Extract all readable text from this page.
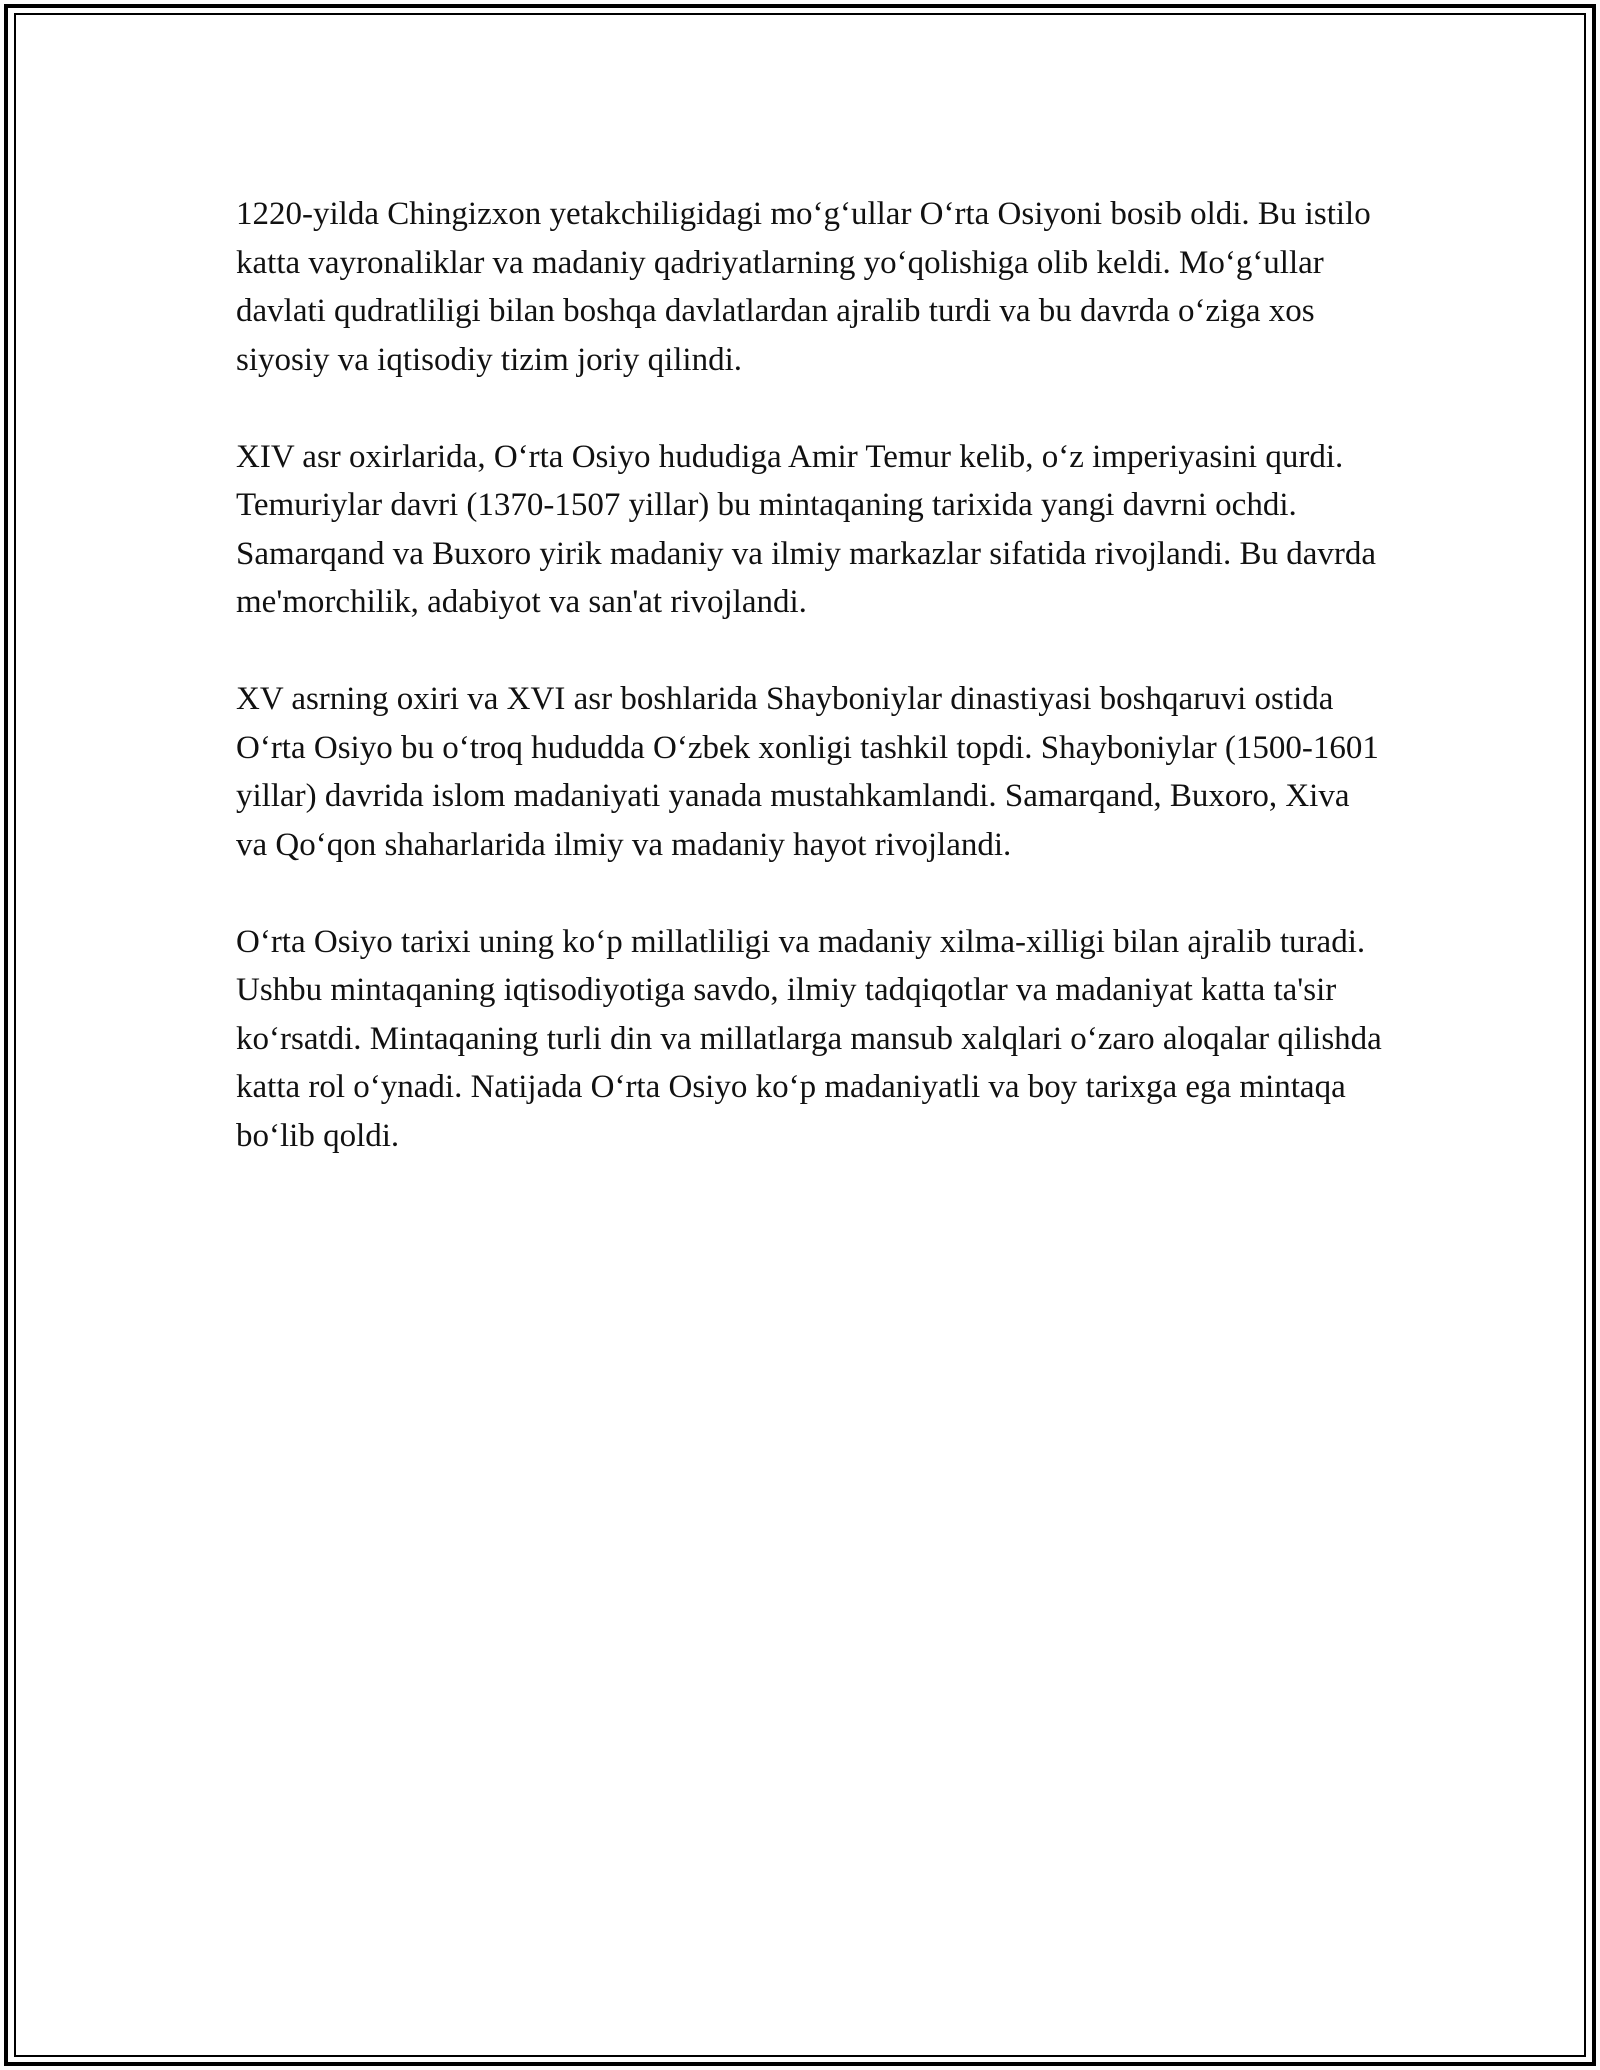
1220-yilda Chingizxon yetakchiligidagi mo‘g‘ullar O‘rta Osiyoni bosib oldi. Bu istilo katta vayronaliklar va madaniy qadriyatlarning yo‘qolishiga olib keldi. Mo‘g‘ullar davlati qudratliligi bilan boshqa davlatlardan ajralib turdi va bu davrda o‘ziga xos siyosiy va iqtisodiy tizim joriy qilindi.

XIV asr oxirlarida, O‘rta Osiyo hududiga Amir Temur kelib, o‘z imperiyasini qurdi. Temuriylar davri (1370-1507 yillar) bu mintaqaning tarixida yangi davrni ochdi. Samarqand va Buxoro yirik madaniy va ilmiy markazlar sifatida rivojlandi. Bu davrda me'morchilik, adabiyot va san'at rivojlandi.

XV asrning oxiri va XVI asr boshlarida Shayboniylar dinastiyasi boshqaruvi ostida O‘rta Osiyo bu o‘troq hududda O‘zbek xonligi tashkil topdi. Shayboniylar (1500-1601 yillar) davrida islom madaniyati yanada mustahkamlandi. Samarqand, Buxoro, Xiva va Qo‘qon shaharlarida ilmiy va madaniy hayot rivojlandi.

O‘rta Osiyo tarixi uning ko‘p millatliligi va madaniy xilma-xilligi bilan ajralib turadi. Ushbu mintaqaning iqtisodiyotiga savdo, ilmiy tadqiqotlar va madaniyat katta ta'sir ko‘rsatdi. Mintaqaning turli din va millatlarga mansub xalqlari o‘zaro aloqalar qilishda katta rol o‘ynadi. Natijada O‘rta Osiyo ko‘p madaniyatli va boy tarixga ega mintaqa bo‘lib qoldi.
